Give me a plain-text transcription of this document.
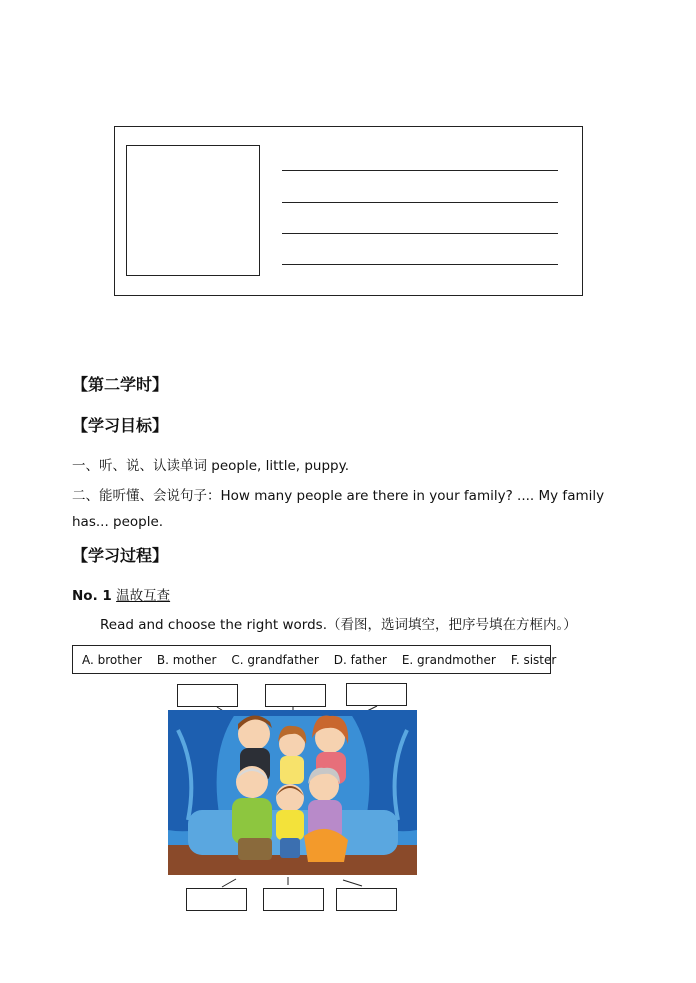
【第二学时】
【学习目标】
一、听、说、认读单词 people, little, puppy.
二、能听懂、会说句子：How many people are there in your family? .... My family
has... people.
【学习过程】
No. 1 温故互查
Read and choose the right words.（看图，选词填空，把序号填在方框内。）
A. brother B. mother C. grandfather D. father E. grandmother F. sister
